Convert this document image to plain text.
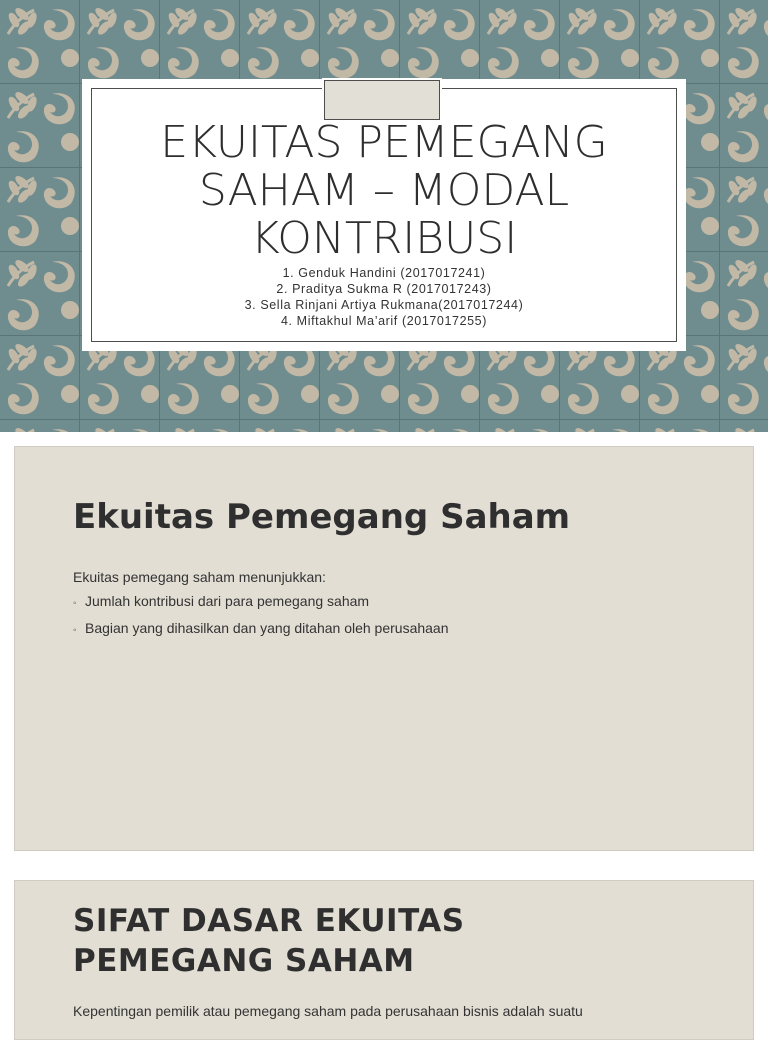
EKUITAS PEMEGANG
SAHAM – MODAL
KONTRIBUSI
1. Genduk Handini (2017017241)
2. Praditya Sukma R (2017017243)
3. Sella Rinjani Artiya Rukmana(2017017244)
4. Miftakhul Ma’arif (2017017255)
Ekuitas Pemegang Saham
Ekuitas pemegang saham menunjukkan:
◦ Jumlah kontribusi dari para pemegang saham
◦ Bagian yang dihasilkan dan yang ditahan oleh perusahaan
SIFAT DASAR EKUITAS PEMEGANG SAHAM
Kepentingan pemilik atau pemegang saham pada perusahaan bisnis adalah suatu
